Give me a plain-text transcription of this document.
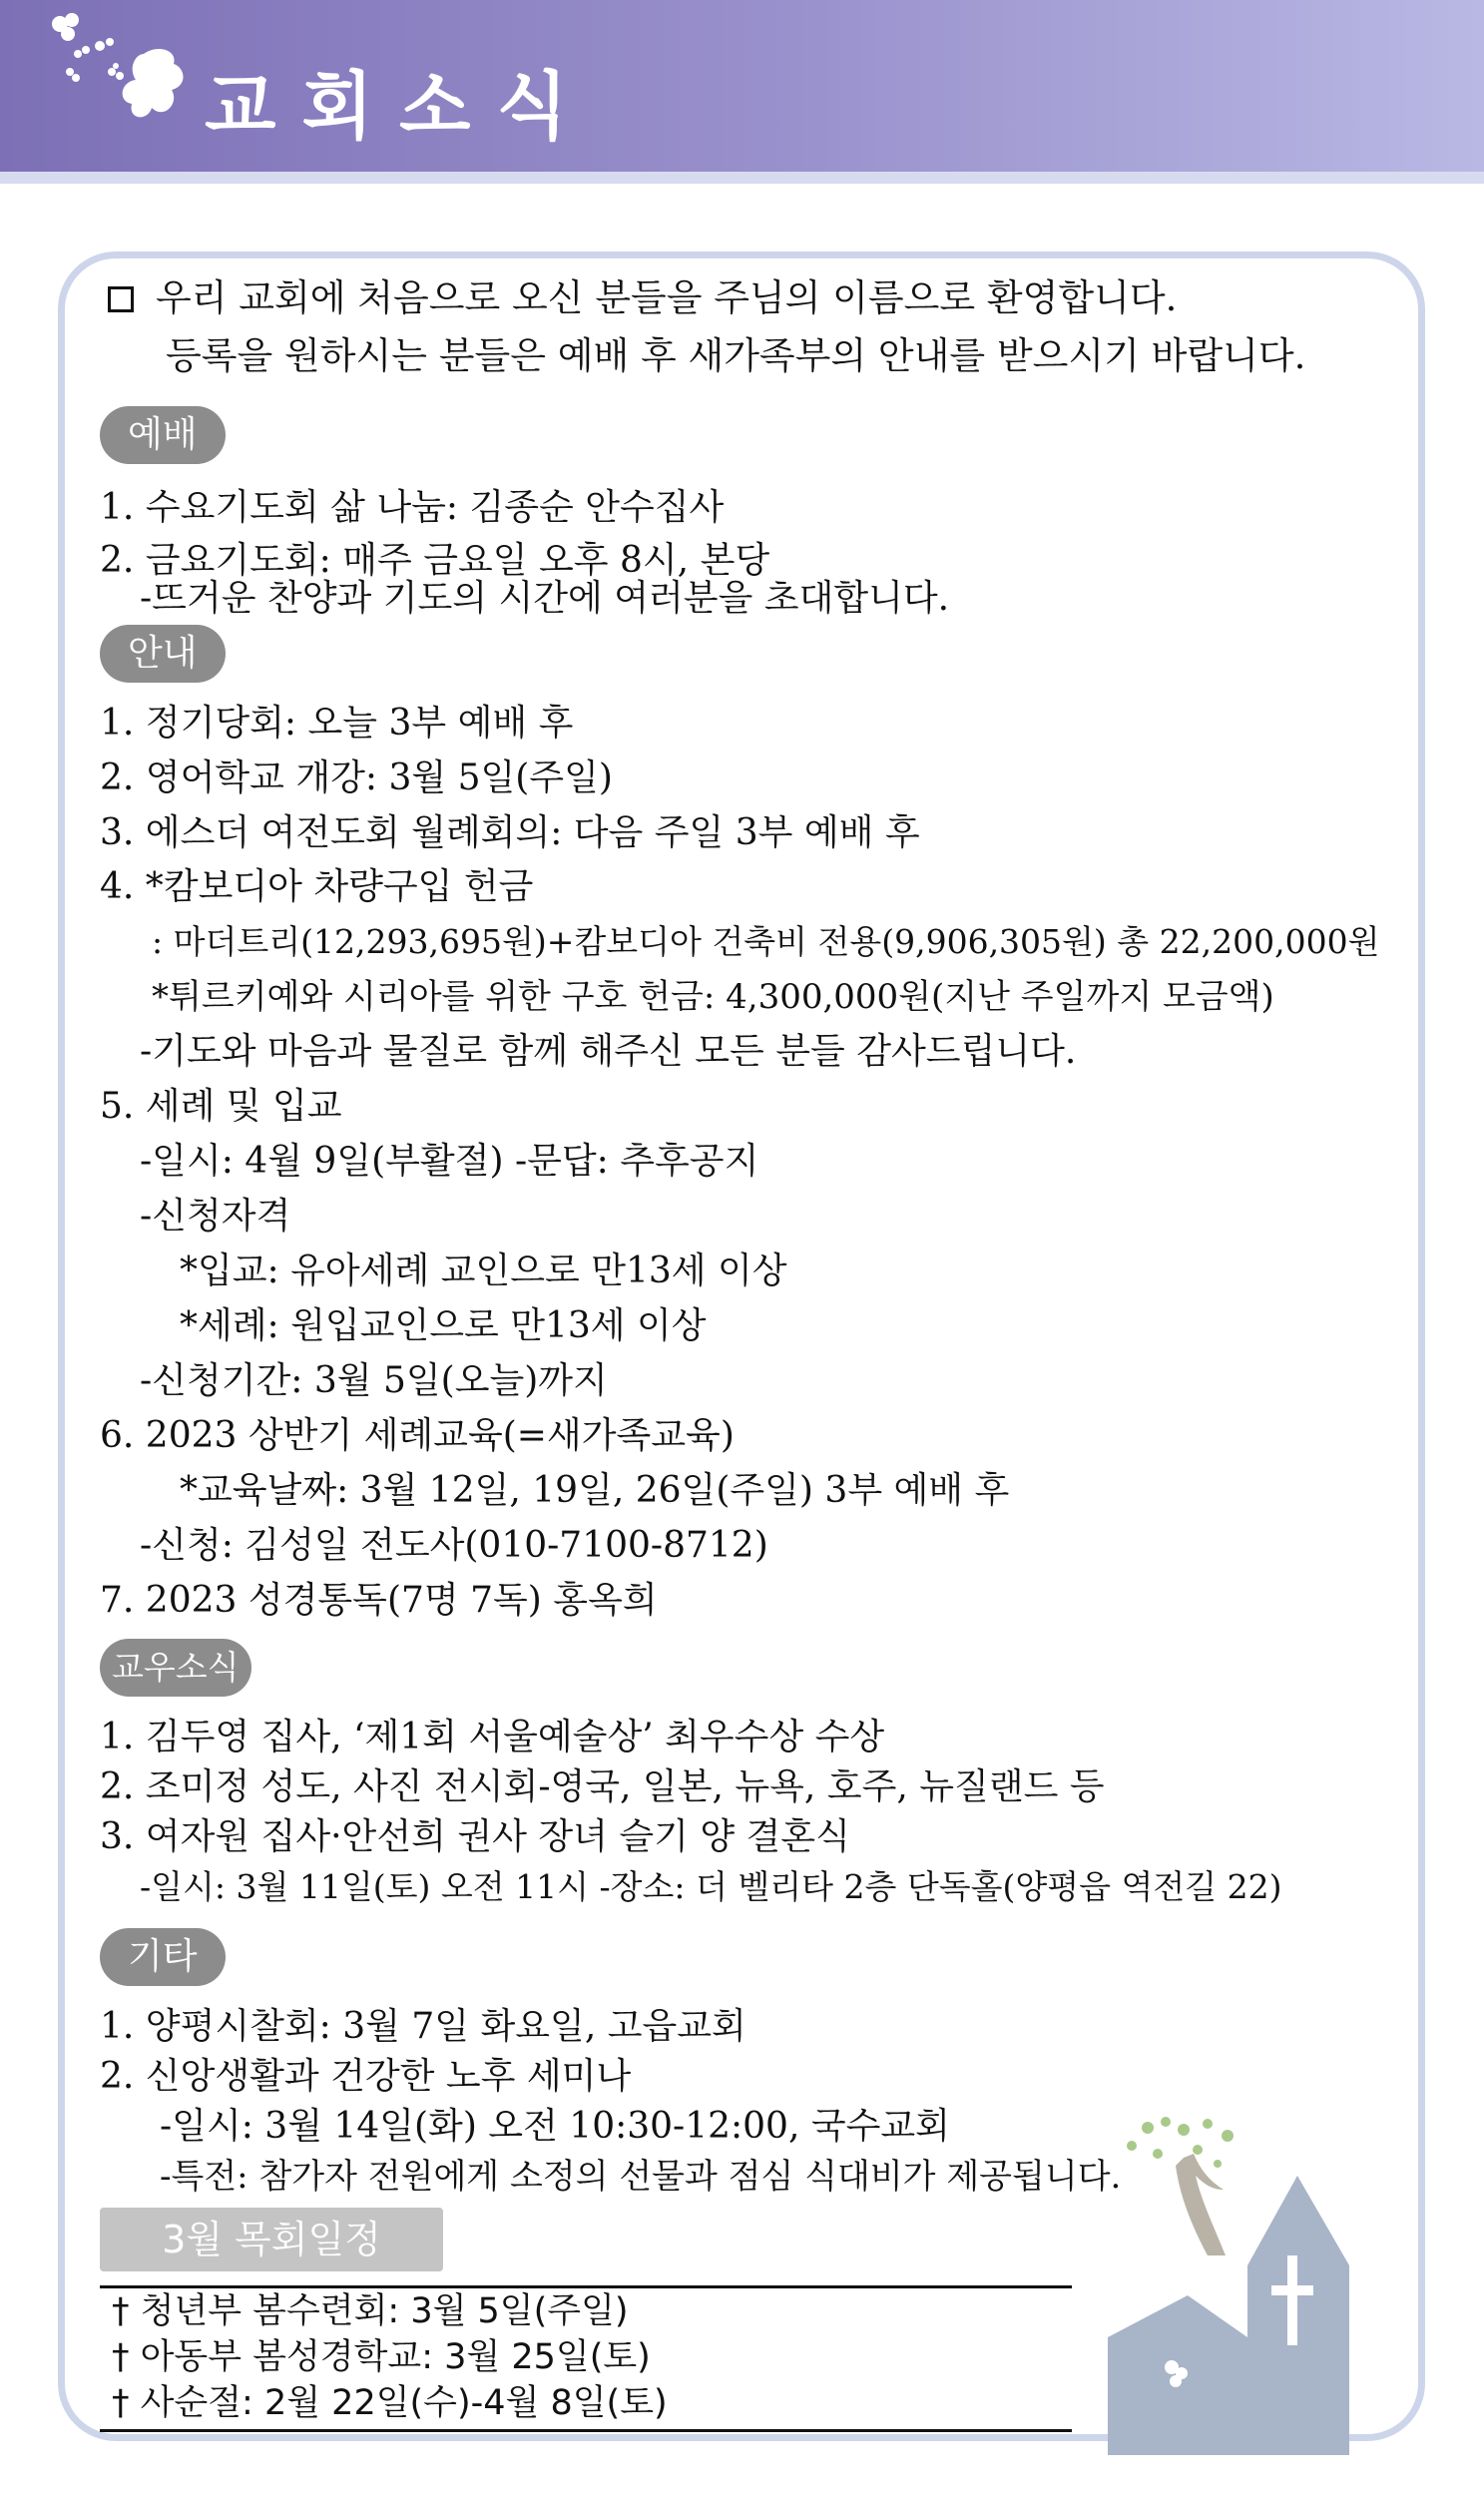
교회소식
우리 교회에 처음으로 오신 분들을 주님의 이름으로 환영합니다.
등록을 원하시는 분들은 예배 후 새가족부의 안내를 받으시기 바랍니다.
예배
1. 수요기도회 삶 나눔: 김종순 안수집사
2. 금요기도회: 매주 금요일 오후 8시, 본당
-뜨거운 찬양과 기도의 시간에 여러분을 초대합니다.
안내
1. 정기당회: 오늘 3부 예배 후
2. 영어학교 개강: 3월 5일(주일)
3. 에스더 여전도회 월례회의: 다음 주일 3부 예배 후
4. *캄보디아 차량구입 헌금
: 마더트리(12,293,695원)+캄보디아 건축비 전용(9,906,305원) 총 22,200,000원
*튀르키예와 시리아를 위한 구호 헌금: 4,300,000원(지난 주일까지 모금액)
-기도와 마음과 물질로 함께 해주신 모든 분들 감사드립니다.
5. 세례 및 입교
-일시: 4월 9일(부활절) -문답: 추후공지
-신청자격
*입교: 유아세례 교인으로 만13세 이상
*세례: 원입교인으로 만13세 이상
-신청기간: 3월 5일(오늘)까지
6. 2023 상반기 세례교육(=새가족교육)
*교육날짜: 3월 12일, 19일, 26일(주일) 3부 예배 후
-신청: 김성일 전도사(010-7100-8712)
7. 2023 성경통독(7명 7독) 홍옥희
교우소식
1. 김두영 집사, ‘제1회 서울예술상’ 최우수상 수상
2. 조미정 성도, 사진 전시회-영국, 일본, 뉴욕, 호주, 뉴질랜드 등
3. 여자원 집사·안선희 권사 장녀 슬기 양 결혼식
-일시: 3월 11일(토) 오전 11시 -장소: 더 벨리타 2층 단독홀(양평읍 역전길 22)
기타
1. 양평시찰회: 3월 7일 화요일, 고읍교회
2. 신앙생활과 건강한 노후 세미나
-일시: 3월 14일(화) 오전 10:30-12:00, 국수교회
-특전: 참가자 전원에게 소정의 선물과 점심 식대비가 제공됩니다.
3월 목회일정
† 청년부 봄수련회: 3월 5일(주일)
† 아동부 봄성경학교: 3월 25일(토)
† 사순절: 2월 22일(수)-4월 8일(토)
